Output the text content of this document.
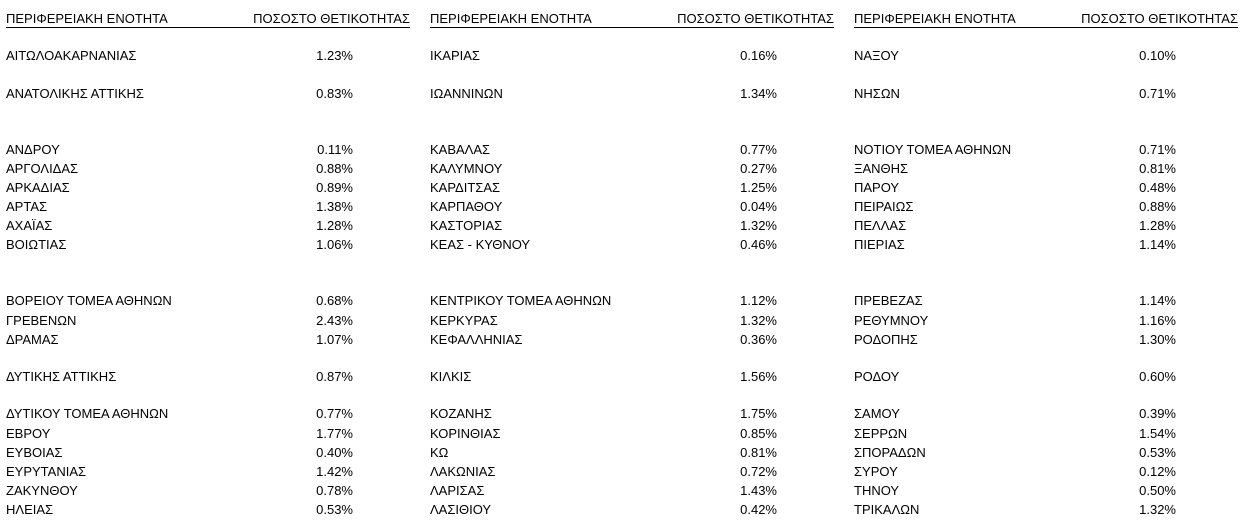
ΠΕΡΙΦΕΡΕΙΑΚΗ ΕΝΟΤΗΤΑ	ΠΟΣΟΣΤΟ ΘΕΤΙΚΟΤΗΤΑΣ
ΑΙΤΩΛΟΑΚΑΡΝΑΝΙΑΣ	1.23%
ΑΝΑΤΟΛΙΚΗΣ ΑΤΤΙΚΗΣ	0.83%
ΑΝΔΡΟΥ	0.11%
ΑΡΓΟΛΙΔΑΣ	0.88%
ΑΡΚΑΔΙΑΣ	0.89%
ΑΡΤΑΣ	1.38%
ΑΧΑΪΑΣ	1.28%
ΒΟΙΩΤΙΑΣ	1.06%
ΒΟΡΕΙΟΥ ΤΟΜΕΑ ΑΘΗΝΩΝ	0.68%
ΓΡΕΒΕΝΩΝ	2.43%
ΔΡΑΜΑΣ	1.07%
ΔΥΤΙΚΗΣ ΑΤΤΙΚΗΣ	0.87%
ΔΥΤΙΚΟΥ ΤΟΜΕΑ ΑΘΗΝΩΝ	0.77%
ΕΒΡΟΥ	1.77%
ΕΥΒΟΙΑΣ	0.40%
ΕΥΡΥΤΑΝΙΑΣ	1.42%
ΖΑΚΥΝΘΟΥ	0.78%
ΗΛΕΙΑΣ	0.53%
ΠΕΡΙΦΕΡΕΙΑΚΗ ΕΝΟΤΗΤΑ	ΠΟΣΟΣΤΟ ΘΕΤΙΚΟΤΗΤΑΣ
ΙΚΑΡΙΑΣ	0.16%
ΙΩΑΝΝΙΝΩΝ	1.34%
ΚΑΒΑΛΑΣ	0.77%
ΚΑΛΥΜΝΟΥ	0.27%
ΚΑΡΔΙΤΣΑΣ	1.25%
ΚΑΡΠΑΘΟΥ	0.04%
ΚΑΣΤΟΡΙΑΣ	1.32%
ΚΕΑΣ - ΚΥΘΝΟΥ	0.46%
ΚΕΝΤΡΙΚΟΥ ΤΟΜΕΑ ΑΘΗΝΩΝ	1.12%
ΚΕΡΚΥΡΑΣ	1.32%
ΚΕΦΑΛΛΗΝΙΑΣ	0.36%
ΚΙΛΚΙΣ	1.56%
ΚΟΖΑΝΗΣ	1.75%
ΚΟΡΙΝΘΙΑΣ	0.85%
ΚΩ	0.81%
ΛΑΚΩΝΙΑΣ	0.72%
ΛΑΡΙΣΑΣ	1.43%
ΛΑΣΙΘΙΟΥ	0.42%
ΠΕΡΙΦΕΡΕΙΑΚΗ ΕΝΟΤΗΤΑ	ΠΟΣΟΣΤΟ ΘΕΤΙΚΟΤΗΤΑΣ
ΝΑΞΟΥ	0.10%
ΝΗΣΩΝ	0.71%
ΝΟΤΙΟΥ ΤΟΜΕΑ ΑΘΗΝΩΝ	0.71%
ΞΑΝΘΗΣ	0.81%
ΠΑΡΟΥ	0.48%
ΠΕΙΡΑΙΩΣ	0.88%
ΠΕΛΛΑΣ	1.28%
ΠΙΕΡΙΑΣ	1.14%
ΠΡΕΒΕΖΑΣ	1.14%
ΡΕΘΥΜΝΟΥ	1.16%
ΡΟΔΟΠΗΣ	1.30%
ΡΟΔΟΥ	0.60%
ΣΑΜΟΥ	0.39%
ΣΕΡΡΩΝ	1.54%
ΣΠΟΡΑΔΩΝ	0.53%
ΣΥΡΟΥ	0.12%
ΤΗΝΟΥ	0.50%
ΤΡΙΚΑΛΩΝ	1.32%
